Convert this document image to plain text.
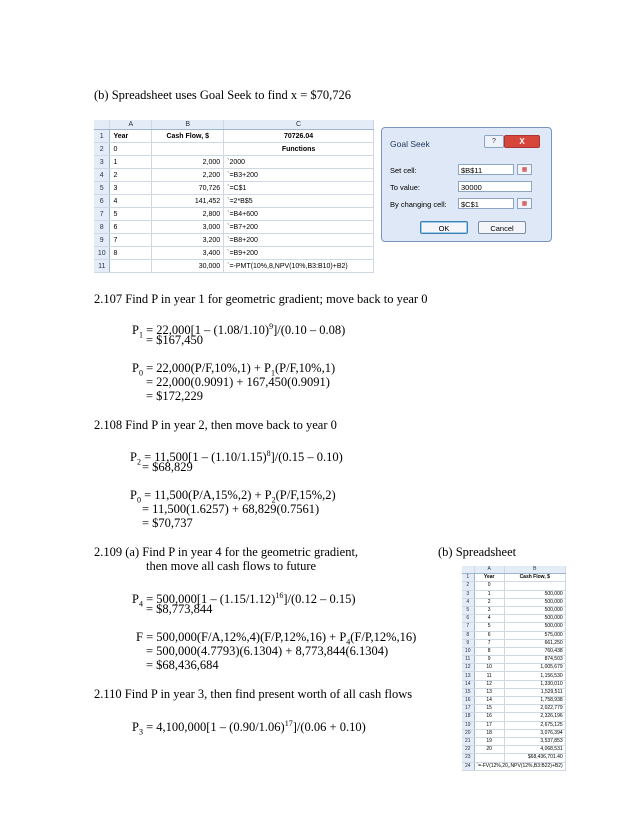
(b) Spreadsheet uses Goal Seek to find x = $70,726
	A	B	C
1	Year	Cash Flow, $	70726.04
2	0		Functions
3	1	2,000	`2000
4	2	2,200	`=B3+200
5	3	70,726	`=C$1
6	4	141,452	`=2*B$5
7	5	2,800	`=B4+600
8	6	3,000	`=B7+200
9	7	3,200	`=B8+200
10	8	3,400	`=B9+200
11		30,000	`=-PMT(10%,8,NPV(10%,B3:B10)+B2)
Goal Seek	?	X
Set cell:	$B$11	▦
To value:	30000
By changing cell:	$C$1	▦
OK	Cancel
2.107 Find P in year 1 for geometric gradient; move back to year 0
$P_1 = 22,000[1 - (1.08/1.10)^9]/(0.10 - 0.08)$
= $167,450
$P_0 = 22,000(P/F,10\%,1) + P_1(P/F,10\%,1)$
= 22,000(0.9091) + 167,450(0.9091)
= $172,229
2.108 Find P in year 2, then move back to year 0
$P_2 = 11,500[1 - (1.10/1.15)^8]/(0.15 - 0.10)$
= $68,829
$P_0 = 11,500(P/A,15\%,2) + P_2(P/F,15\%,2)$
= 11,500(1.6257) + 68,829(0.7561)
= $70,737
2.109 (a) Find P in year 4 for the geometric gradient,	(b) Spreadsheet
then move all cash flows to future
$P_4 = 500,000[1 - (1.15/1.12)^{16}]/(0.12 - 0.15)$
= $8,773,844
$F = 500,000(F/A,12\%,4)(F/P,12\%,16) + P_4(F/P,12\%,16)$
= 500,000(4.7793)(6.1304) + 8,773,844(6.1304)
= $68,436,684
2.110 Find P in year 3, then find present worth of all cash flows
$P_3 = 4,100,000[1 - (0.90/1.06)^{17}]/(0.06 + 0.10)$
	A	B
1	Year	Cash Flow, $
2	0	
3	1	500,000
4	2	500,000
5	3	500,000
6	4	500,000
7	5	500,000
8	6	575,000
9	7	661,250
10	8	760,438
11	9	874,503
12	10	1,005,679
13	11	1,156,530
14	12	1,330,010
15	13	1,529,511
16	14	1,758,938
17	15	2,022,779
18	16	2,326,196
19	17	2,675,125
20	18	3,076,394
21	19	3,537,853
22	20	4,068,531
23		$68,436,701.40
24	`=-FV(12%,20,,NPV(12%,B3:B22)+B2)	
